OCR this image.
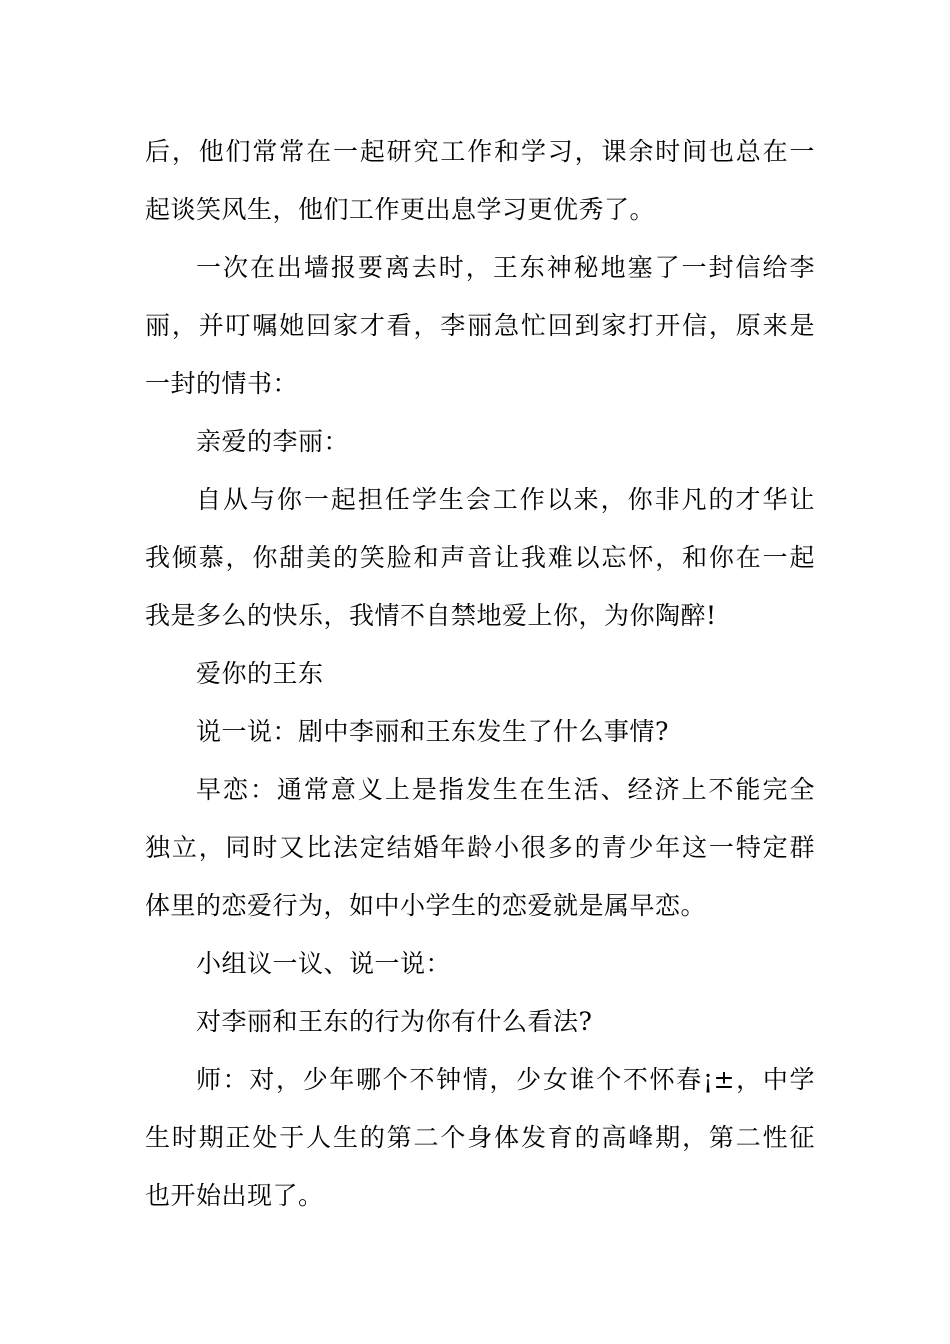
后，他们常常在一起研究工作和学习，课余时间也总在一
起谈笑风生，他们工作更出息学习更优秀了。
一次在出墙报要离去时，王东神秘地塞了一封信给李
丽，并叮嘱她回家才看，李丽急忙回到家打开信，原来是
一封的情书：
亲爱的李丽：
自从与你一起担任学生会工作以来，你非凡的才华让
我倾慕，你甜美的笑脸和声音让我难以忘怀，和你在一起
我是多么的快乐，我情不自禁地爱上你，为你陶醉!
爱你的王东
说一说：剧中李丽和王东发生了什么事情?
早恋：通常意义上是指发生在生活、经济上不能完全
独立，同时又比法定结婚年龄小很多的青少年这一特定群
体里的恋爱行为，如中小学生的恋爱就是属早恋。
小组议一议、说一说：
对李丽和王东的行为你有什么看法?
师：对，少年哪个不钟情，少女谁个不怀春¡±，中学
生时期正处于人生的第二个身体发育的高峰期，第二性征
也开始出现了。
